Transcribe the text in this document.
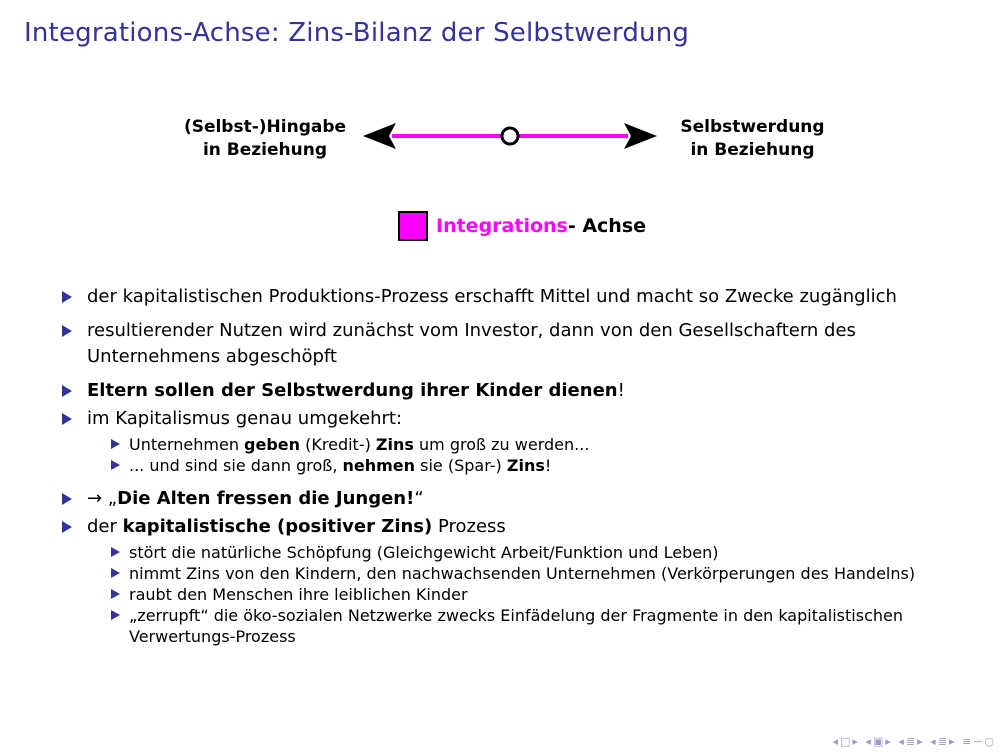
Integrations-Achse: Zins-Bilanz der Selbstwerdung
(Selbst-)Hingabe
in Beziehung
Selbstwerdung
in Beziehung
Integrations- Achse
der kapitalistischen Produktions-Prozess erschafft Mittel und macht so Zwecke zugänglich
resultierender Nutzen wird zunächst vom Investor, dann von den Gesellschaftern des Unternehmens abgeschöpft
Eltern sollen der Selbstwerdung ihrer Kinder dienen!
im Kapitalismus genau umgekehrt:
Unternehmen geben (Kredit-) Zins um groß zu werden...
... und sind sie dann groß, nehmen sie (Spar-) Zins!
→ „Die Alten fressen die Jungen!“
der kapitalistische (positiver Zins) Prozess
stört die natürliche Schöpfung (Gleichgewicht Arbeit/Funktion und Leben)
nimmt Zins von den Kindern, den nachwachsenden Unternehmen (Verkörperungen des Handelns)
raubt den Menschen ihre leiblichen Kinder
„zerrupft“ die öko-sozialen Netzwerke zwecks Einfädelung der Fragmente in den kapitalistischen Verwertungs-Prozess
◂□▸ ◂▣▸ ◂≣▸ ◂≣▸ ≡∽○
